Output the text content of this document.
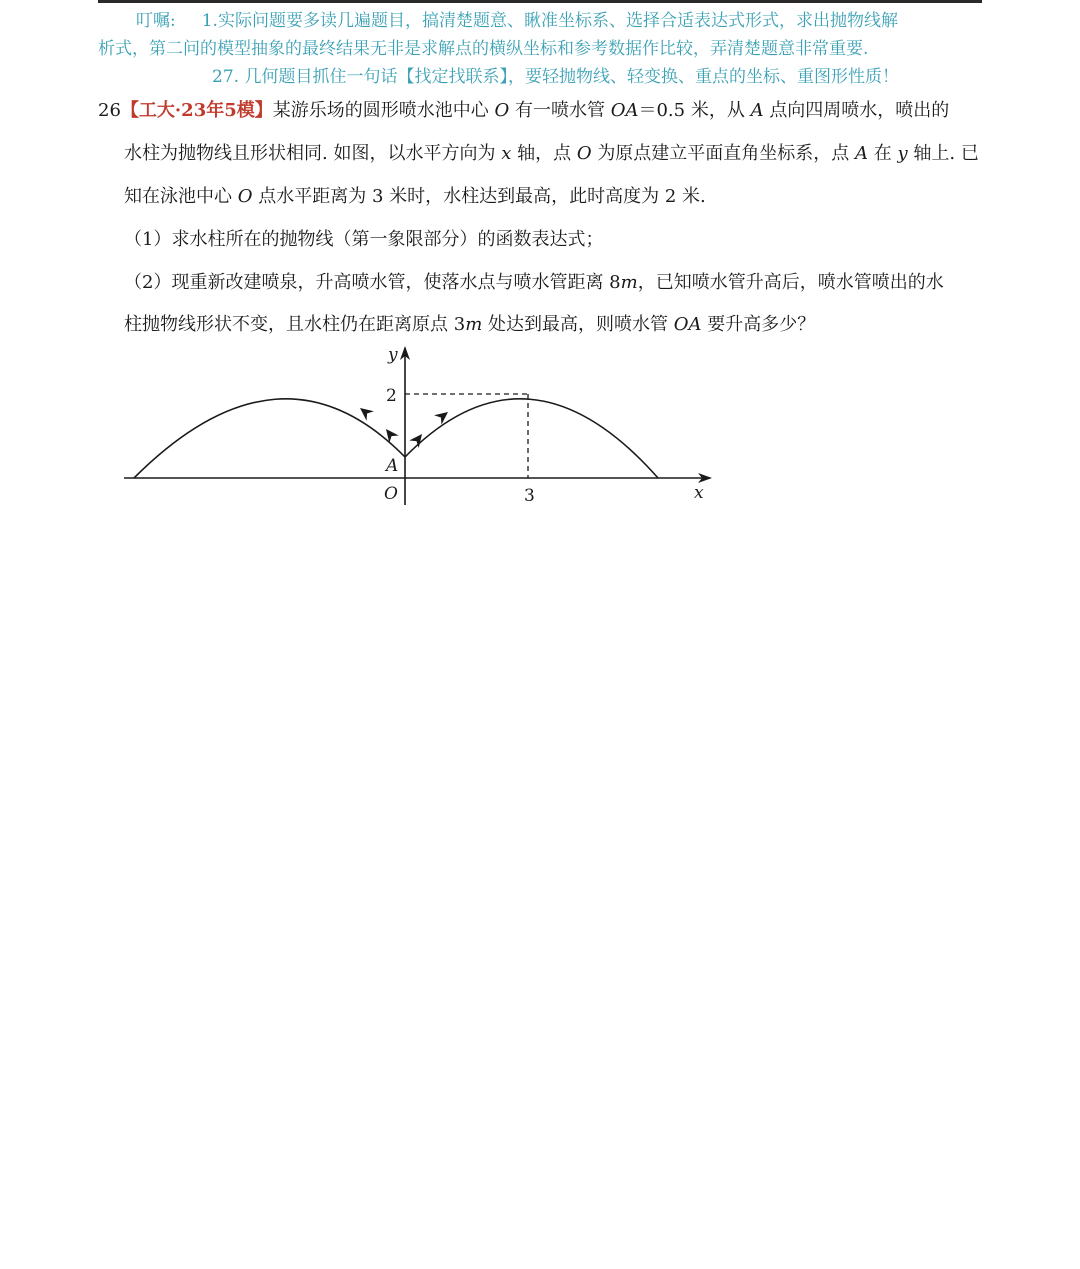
叮嘱: 1.实际问题要多读几遍题目，搞清楚题意、瞅准坐标系、选择合适表达式形式，求出抛物线解
析式，第二问的模型抽象的最终结果无非是求解点的横纵坐标和参考数据作比较，弄清楚题意非常重要.
27. 几何题目抓住一句话【找定找联系】，要轻抛物线、轻变换、重点的坐标、重图形性质！
26【工大·23年5模】某游乐场的圆形喷水池中心 O 有一喷水管 OA＝0.5 米，从 A 点向四周喷水，喷出的
水柱为抛物线且形状相同. 如图，以水平方向为 x 轴，点 O 为原点建立平面直角坐标系，点 A 在 y 轴上. 已
知在泳池中心 O 点水平距离为 3 米时，水柱达到最高，此时高度为 2 米.
（1）求水柱所在的抛物线（第一象限部分）的函数表达式；
（2）现重新改建喷泉，升高喷水管，使落水点与喷水管距离 8m，已知喷水管升高后，喷水管喷出的水
柱抛物线形状不变，且水柱仍在距离原点 3m 处达到最高，则喷水管 OA 要升高多少？
y
x
O
A
2
3
